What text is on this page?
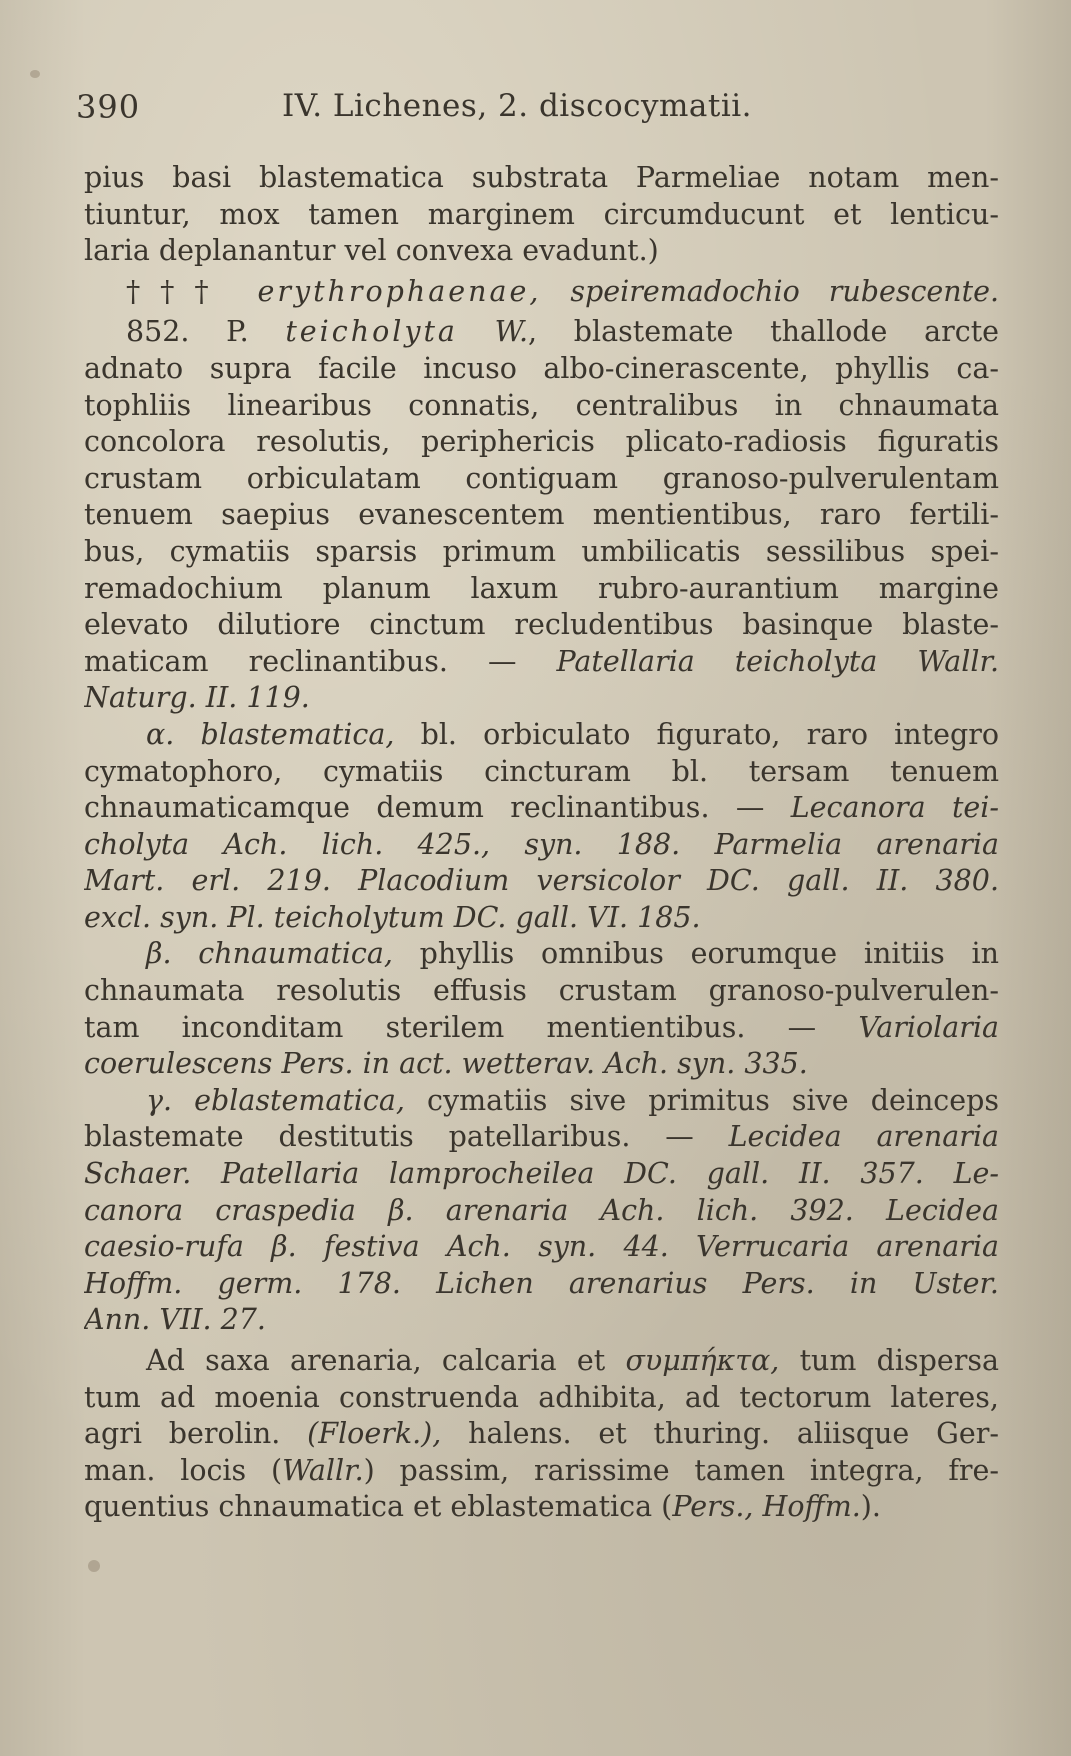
390	IV. Lichenes, 2. discocymatii.
pius basi blastematica substrata Parmeliae notam men-
tiuntur, mox tamen marginem circumducunt et lenticu-
laria deplanantur vel convexa evadunt.)
††† erythrophaenae, speiremadochio rubescente.
852. P. teicholyta W., blastemate thallode arcte
adnato supra facile incuso albo-cinerascente, phyllis ca-
tophliis linearibus connatis, centralibus in chnaumata
concolora resolutis, periphericis plicato-radiosis figuratis
crustam orbiculatam contiguam granoso-pulverulentam
tenuem saepius evanescentem mentientibus, raro fertili-
bus, cymatiis sparsis primum umbilicatis sessilibus spei-
remadochium planum laxum rubro-aurantium margine
elevato dilutiore cinctum recludentibus basinque blaste-
maticam reclinantibus. — Patellaria teicholyta Wallr.
Naturg. II. 119.
α. blastematica, bl. orbiculato figurato, raro integro
cymatophoro, cymatiis cincturam bl. tersam tenuem
chnaumaticamque demum reclinantibus. — Lecanora tei-
cholyta Ach. lich. 425., syn. 188. Parmelia arenaria
Mart. erl. 219. Placodium versicolor DC. gall. II. 380.
excl. syn. Pl. teicholytum DC. gall. VI. 185.
β. chnaumatica, phyllis omnibus eorumque initiis in
chnaumata resolutis effusis crustam granoso-pulverulen-
tam inconditam sterilem mentientibus. — Variolaria
coerulescens Pers. in act. wetterav. Ach. syn. 335.
γ. eblastematica, cymatiis sive primitus sive deinceps
blastemate destitutis patellaribus. — Lecidea arenaria
Schaer. Patellaria lamprocheilea DC. gall. II. 357. Le-
canora craspedia β. arenaria Ach. lich. 392. Lecidea
caesio-rufa β. festiva Ach. syn. 44. Verrucaria arenaria
Hoffm. germ. 178. Lichen arenarius Pers. in Uster.
Ann. VII. 27.
Ad saxa arenaria, calcaria et συμπήκτα, tum dispersa
tum ad moenia construenda adhibita, ad tectorum lateres,
agri berolin. (Floerk.), halens. et thuring. aliisque Ger-
man. locis (Wallr.) passim, rarissime tamen integra, fre-
quentius chnaumatica et eblastematica (Pers., Hoffm.).
